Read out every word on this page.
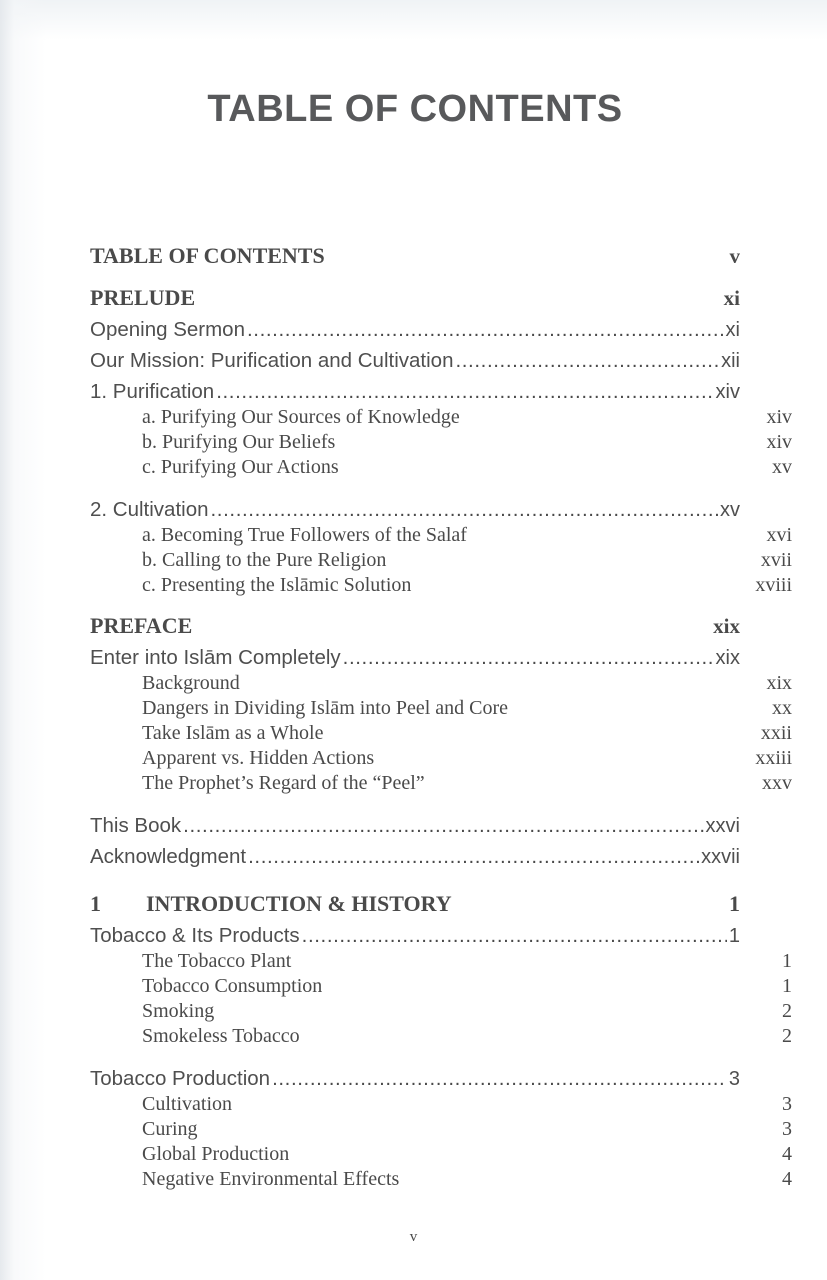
TABLE OF CONTENTS
TABLE OF CONTENTS	v
PRELUDE	xi
Opening Sermon .....	xi
Our Mission: Purification and Cultivation .....	xii
1. Purification .....	xiv
a. Purifying Our Sources of Knowledge	xiv
b. Purifying Our Beliefs	xiv
c. Purifying Our Actions	xv
2. Cultivation .....	xv
a. Becoming True Followers of the Salaf	xvi
b. Calling to the Pure Religion	xvii
c. Presenting the Islāmic Solution	xviii
PREFACE	xix
Enter into Islām Completely .....	xix
Background	xix
Dangers in Dividing Islām into Peel and Core	xx
Take Islām as a Whole	xxii
Apparent vs. Hidden Actions	xxiii
The Prophet’s Regard of the “Peel”	xxv
This Book .....	xxvi
Acknowledgment .....	xxvii
1	INTRODUCTION & HISTORY	1
Tobacco & Its Products .....	1
The Tobacco Plant	1
Tobacco Consumption	1
Smoking	2
Smokeless Tobacco	2
Tobacco Production .....	3
Cultivation	3
Curing	3
Global Production	4
Negative Environmental Effects	4
v
